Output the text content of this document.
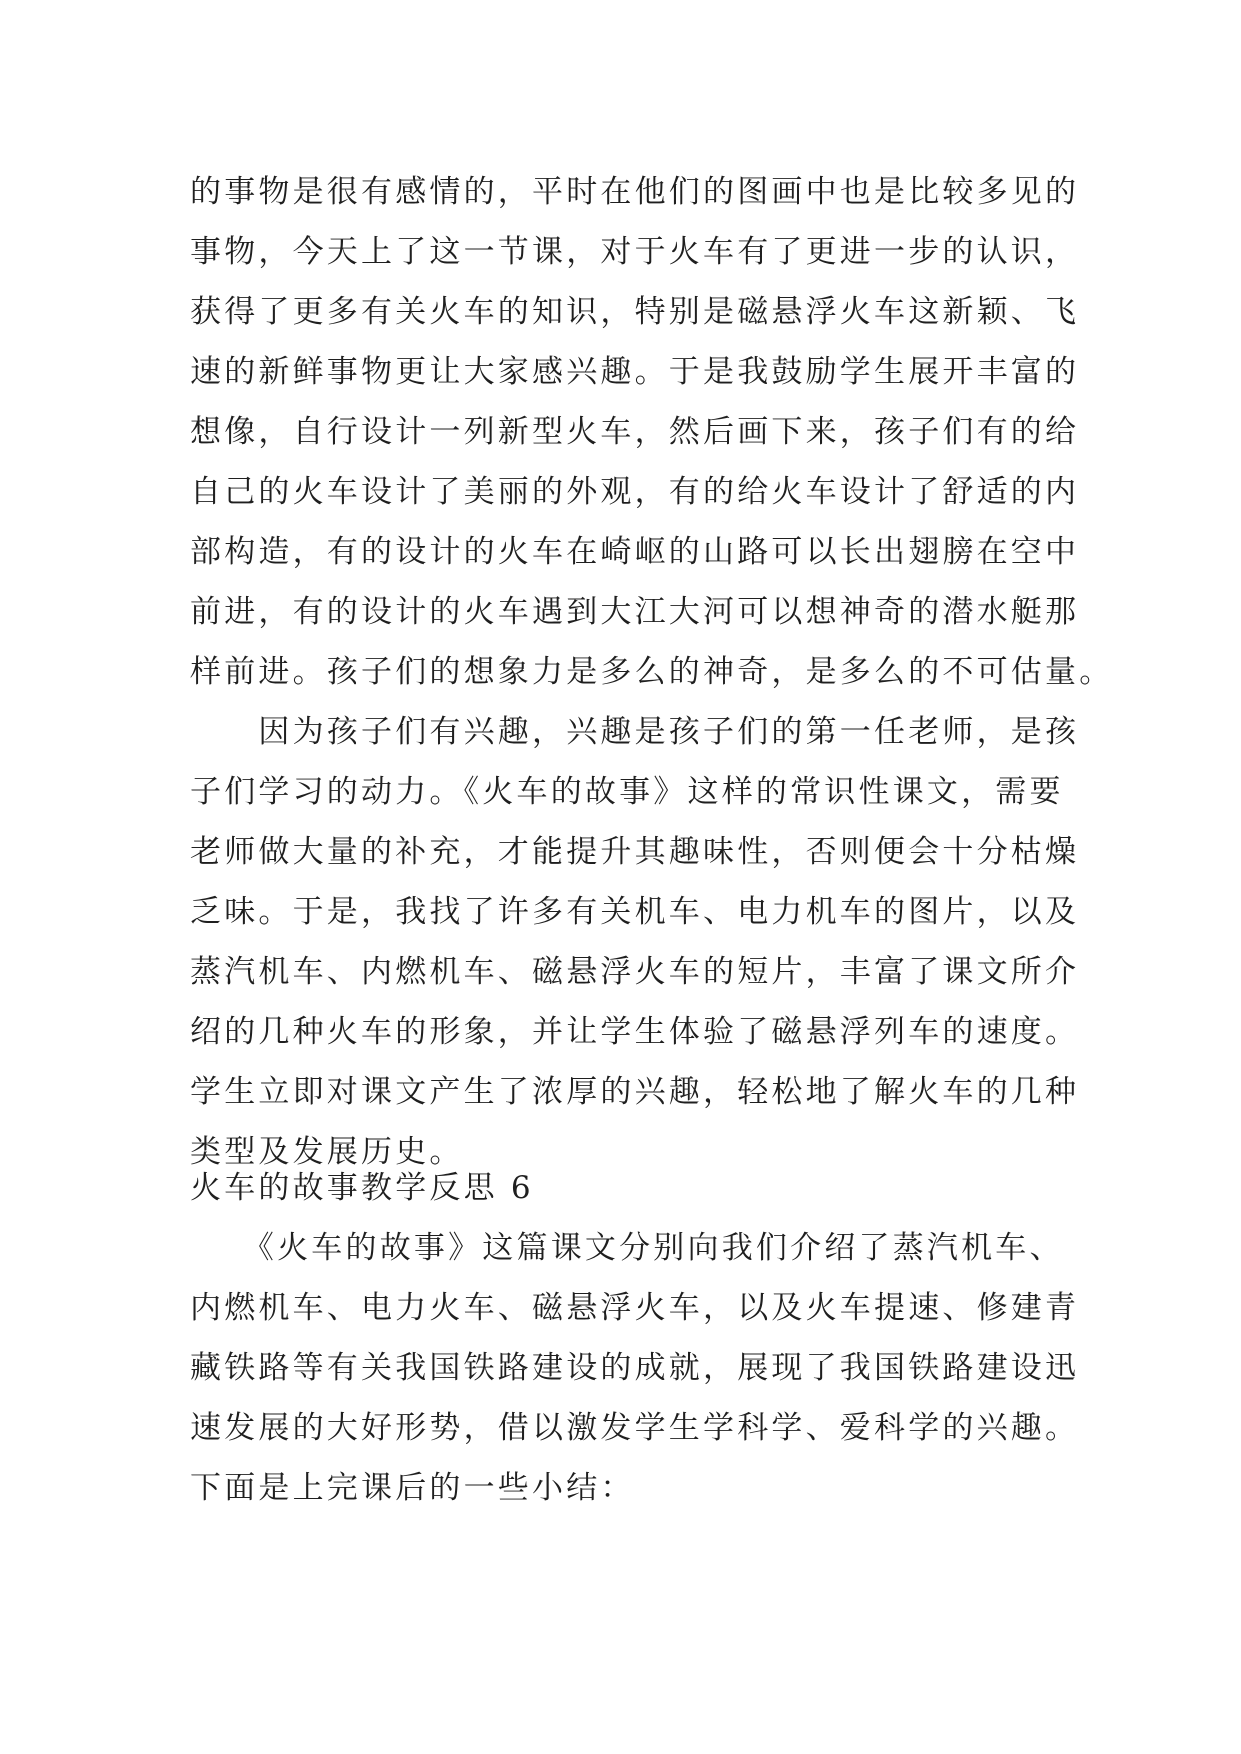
的事物是很有感情的，平时在他们的图画中也是比较多见的
事物，今天上了这一节课，对于火车有了更进一步的认识，
获得了更多有关火车的知识，特别是磁悬浮火车这新颖、飞
速的新鲜事物更让大家感兴趣。于是我鼓励学生展开丰富的
想像，自行设计一列新型火车，然后画下来，孩子们有的给
自己的火车设计了美丽的外观，有的给火车设计了舒适的内
部构造，有的设计的火车在崎岖的山路可以长出翅膀在空中
前进，有的设计的火车遇到大江大河可以想神奇的潜水艇那
样前进。孩子们的想象力是多么的神奇，是多么的不可估量。
　　因为孩子们有兴趣，兴趣是孩子们的第一任老师，是孩
子们学习的动力。《火车的故事》这样的常识性课文，需要
老师做大量的补充，才能提升其趣味性，否则便会十分枯燥
乏味。于是，我找了许多有关机车、电力机车的图片，以及
蒸汽机车、内燃机车、磁悬浮火车的短片，丰富了课文所介
绍的几种火车的形象，并让学生体验了磁悬浮列车的速度。
学生立即对课文产生了浓厚的兴趣，轻松地了解火车的几种
类型及发展历史。
火车的故事教学反思 6
　　《火车的故事》这篇课文分别向我们介绍了蒸汽机车、
内燃机车、电力火车、磁悬浮火车，以及火车提速、修建青
藏铁路等有关我国铁路建设的成就，展现了我国铁路建设迅
速发展的大好形势，借以激发学生学科学、爱科学的兴趣。
下面是上完课后的一些小结：
